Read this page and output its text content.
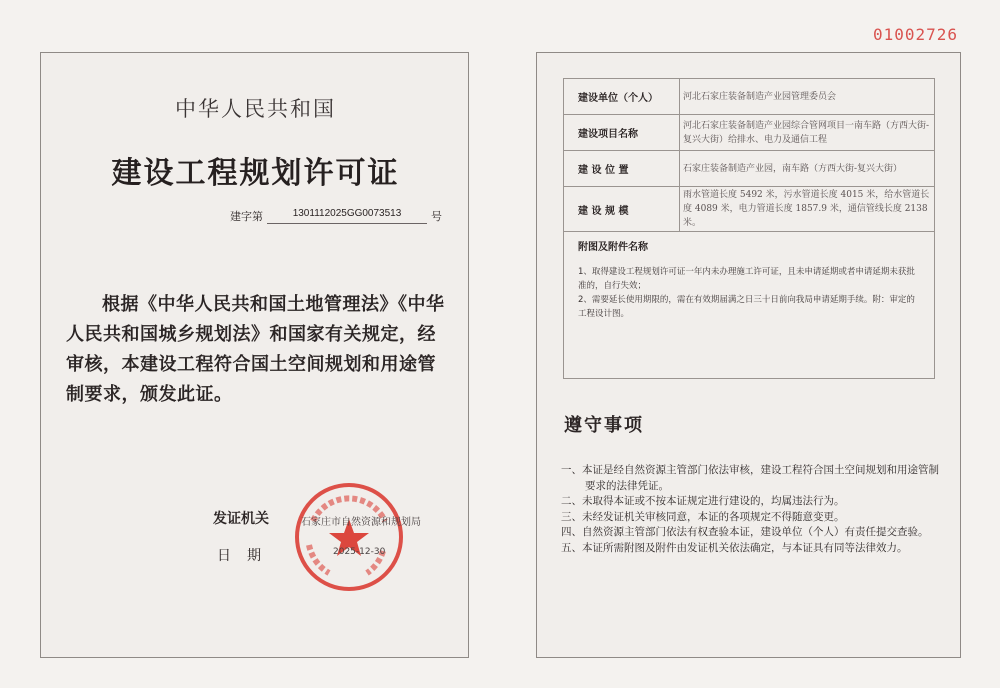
01002726
中华人民共和国
建设工程规划许可证
建字第	1301112025GG0073513	号
根据《中华人民共和国土地管理法》《中华人民共和国城乡规划法》和国家有关规定，经审核，本建设工程符合国土空间规划和用途管制要求，颁发此证。
发证机关	石家庄市自然资源和规划局
日期	2025-12-30
建设单位（个人）	河北石家庄装备制造产业园管理委员会
建设项目名称	河北石家庄装备制造产业园综合管网项目一南车路（方西大街-复兴大街）给排水、电力及通信工程
建 设 位 置	石家庄装备制造产业园，南车路（方西大街-复兴大街）
建 设 规 模	雨水管道长度 5492 米，污水管道长度 4015 米，给水管道长度 4089 米，电力管道长度 1857.9 米，通信管线长度 2138 米。

附图及附件名称

1、取得建设工程规划许可证一年内未办理施工许可证，且未申请延期或者申请延期未获批准的，自行失效；

2、需要延长使用期限的，需在有效期届满之日三十日前向我局申请延期手续。附：审定的工程设计图。	

遵守事项
一、本证是经自然资源主管部门依法审核，建设工程符合国土空间规划和用途管制要求的法律凭证。
二、未取得本证或不按本证规定进行建设的，均属违法行为。
三、未经发证机关审核同意，本证的各项规定不得随意变更。
四、自然资源主管部门依法有权查验本证，建设单位（个人）有责任提交查验。
五、本证所需附图及附件由发证机关依法确定，与本证具有同等法律效力。
